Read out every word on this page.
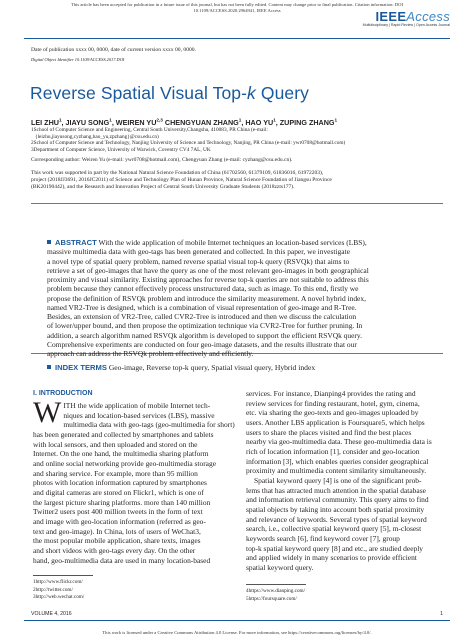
This article has been accepted for publication in a future issue of this journal, but has not been fully edited. Content may change prior to final publication. Citation information: DOI
10.1109/ACCESS.2020.2964941, IEEE Access	IEEEAccess
Multidisciplinary | Rapid Review | Open Access Journal
Date of publication xxxx 00, 0000, date of current version xxxx 00, 0000.
Digital Object Identifier 10.1109/ACCESS.2017.DOI
Reverse Spatial Visual Top-k Query
LEI ZHU$^1$, JIAYU SONG$^1$, WEIREN YU$^{2,3}$ CHENGYUAN ZHANG$^1$, HAO $YU^1$, ZUPING ZHANG$^1$
1School of Computer Science and Engineering, Central South University,Changsha, 410083, PR China (e-mail:
{leizhu,jiayusong,cyzhang,hao_yu,zpzhang}@csu.edu.cn)
2School of Computer Science and Technology, Nanjing University of Science and Technology, Nanjing, PR China (e-mail: ywr0708@hotmail.com)
3Department of Computer Science, University of Warwick, Coventry CV4 7AL, UK
Corresponding author: Weiren Yu (e-mail: ywr0708@hotmail.com), Chengyuan Zhang (e-mail: cyzhang@csu.edu.cn).
This work was supported in part by the National Natural Science Foundation of China (61702560, 61379109, 61836016, 61972203),
project (2018JJ3691, 2016JC2011) of Science and Technology Plan of Hunan Province, Natural Science Foundation of Jiangsu Province
(BK20190442), and the Research and Innovation Project of Central South University Graduate Students (2018zzts177).
ABSTRACT With the wide application of mobile Internet techniques an location-based services (LBS),
massive multimedia data with geo-tags has been generated and collected. In this paper, we investigate
a novel type of spatial query problem, named reverse spatial visual top-k query (RSVQk) that aims to
retrieve a set of geo-images that have the query as one of the most relevant geo-images in both geographical
proximity and visual similarity. Existing approaches for reverse top-k queries are not suitable to address this
problem because they cannot effectively process unstructured data, such as image. To this end, firstly we
propose the definition of RSVQk problem and introduce the similarity measurement. A novel hybrid index,
named VR2-Tree is designed, which is a combination of visual representation of geo-image and R-Tree.
Besides, an extension of VR2-Tree, called CVR2-Tree is introduced and then we discuss the calculation
of lower/upper bound, and then propose the optimization technique via CVR2-Tree for further pruning. In
addition, a search algorithm named RSVQk algorithm is developed to support the efficient RSVQk query.
Comprehensive experiments are conducted on four geo-image datasets, and the results illustrate that our
approach can address the RSVQk problem effectively and efficiently.
INDEX TERMS Geo-image, Reverse top-k query, Spatial visual query, Hybrid index
I. INTRODUCTION
W ITH the wide application of mobile Internet tech-
niques and location-based services (LBS), massive
multimedia data with geo-tags (geo-multimedia for short)
has been generated and collected by smartphones and tablets
with local sensors, and then uploaded and stored on the
Internet. On the one hand, the multimedia sharing platform
and online social networking provide geo-multimedia storage
and sharing service. For example, more than 95 million
photos with location information captured by smartphones
and digital cameras are stored on Flickr1, which is one of
the largest picture sharing platforms. more than 140 million
Twitter2 users post 400 million tweets in the form of text
and image with geo-location information (referred as geo-
text and geo-image). In China, lots of users of WeChat3,
the most popular mobile application, share texts, images
and short videos with geo-tags every day. On the other
hand, geo-multimedia data are used in many location-based
1http://www.flickr.com/
2http://twitter.com/
3http://web.wechat.com/
services. For instance, Dianping4 provides the rating and
review services for finding restaurant, hotel, gym, cinema,
etc. via sharing the geo-texts and geo-images uploaded by
users. Another LBS application is Foursquare5, which helps
users to share the places visited and find the best places
nearby via geo-multimedia data. These geo-multimedia data is
rich of location information [1], consider and geo-location
information [3], which enables queries consider geographical
proximity and multimedia content similarity simultaneously.
Spatial keyword query [4] is one of the significant prob-
lems that has attracted much attention in the spatial database
and information retrieval community. This query aims to find
spatial objects by taking into account both spatial proximity
and relevance of keywords. Several types of spatial keyword
search, i.e., collective spatial keyword query [5], m-closest
keywords search [6], find keyword cover [7], group
top-k spatial keyword query [8] and etc., are studied deeply
and applied widely in many scenarios to provide efficient
spatial keyword query.
4https://www.dianping.com/
5https://foursquare.com/
VOLUME 4, 2016	1
This work is licensed under a Creative Commons Attribution 4.0 License. For more information, see https://creativecommons.org/licenses/by/4.0/.
